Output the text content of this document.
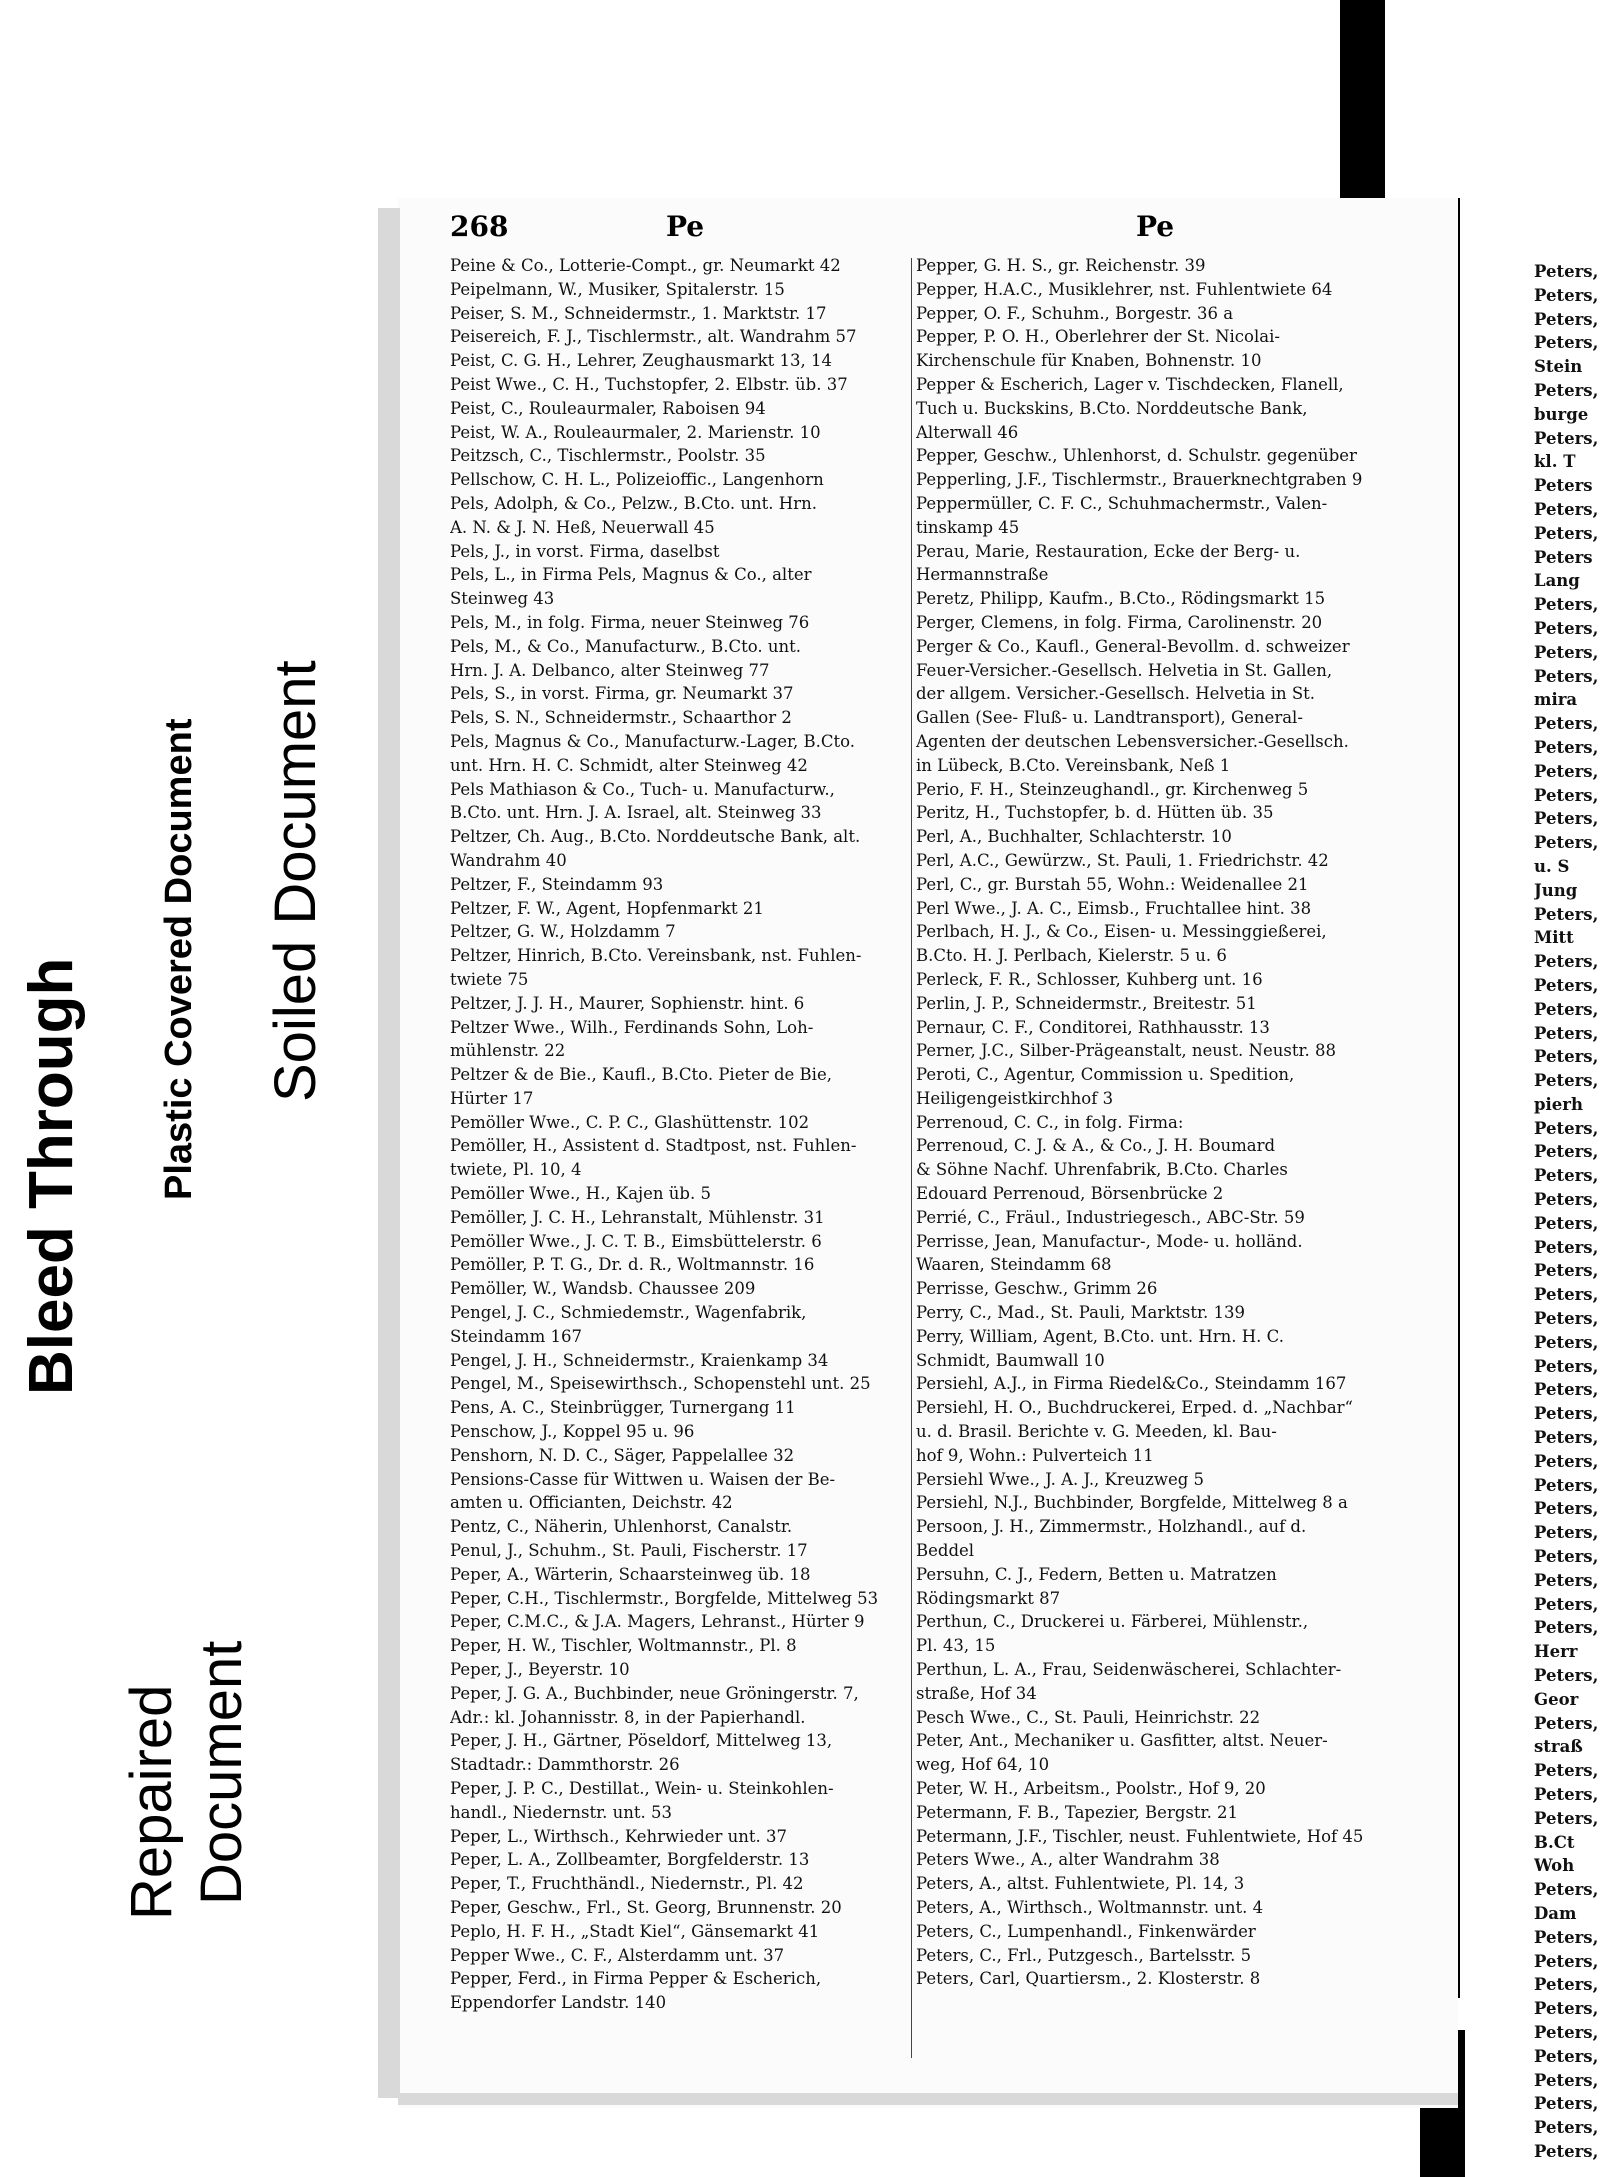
Bleed Through Plastic Covered Document Soiled Document
Repaired Document
268	Pe	Pe
Peine & Co., Lotterie-Compt., gr. Neumarkt 42
Peipelmann, W., Musiker, Spitalerstr. 15
Peiser, S. M., Schneidermstr., 1. Marktstr. 17
Peisereich, F. J., Tischlermstr., alt. Wandrahm 57
Peist, C. G. H., Lehrer, Zeughausmarkt 13, 14
Peist Wwe., C. H., Tuchstopfer, 2. Elbstr. üb. 37
Peist, C., Rouleaurmaler, Raboisen 94
Peist, W. A., Rouleaurmaler, 2. Marienstr. 10
Peitzsch, C., Tischlermstr., Poolstr. 35
Pellschow, C. H. L., Polizeioffic., Langenhorn
Pels, Adolph, & Co., Pelzw., B.Cto. unt. Hrn.
A. N. & J. N. Heß, Neuerwall 45
Pels, J., in vorst. Firma, daselbst
Pels, L., in Firma Pels, Magnus & Co., alter
Steinweg 43
Pels, M., in folg. Firma, neuer Steinweg 76
Pels, M., & Co., Manufacturw., B.Cto. unt.
Hrn. J. A. Delbanco, alter Steinweg 77
Pels, S., in vorst. Firma, gr. Neumarkt 37
Pels, S. N., Schneidermstr., Schaarthor 2
Pels, Magnus & Co., Manufacturw.-Lager, B.Cto.
unt. Hrn. H. C. Schmidt, alter Steinweg 42
Pels Mathiason & Co., Tuch- u. Manufacturw.,
B.Cto. unt. Hrn. J. A. Israel, alt. Steinweg 33
Peltzer, Ch. Aug., B.Cto. Norddeutsche Bank, alt.
Wandrahm 40
Peltzer, F., Steindamm 93
Peltzer, F. W., Agent, Hopfenmarkt 21
Peltzer, G. W., Holzdamm 7
Peltzer, Hinrich, B.Cto. Vereinsbank, nst. Fuhlen-
twiete 75
Peltzer, J. J. H., Maurer, Sophienstr. hint. 6
Peltzer Wwe., Wilh., Ferdinands Sohn, Loh-
mühlenstr. 22
Peltzer & de Bie., Kaufl., B.Cto. Pieter de Bie,
Hürter 17
Pemöller Wwe., C. P. C., Glashüttenstr. 102
Pemöller, H., Assistent d. Stadtpost, nst. Fuhlen-
twiete, Pl. 10, 4
Pemöller Wwe., H., Kajen üb. 5
Pemöller, J. C. H., Lehranstalt, Mühlenstr. 31
Pemöller Wwe., J. C. T. B., Eimsbüttelerstr. 6
Pemöller, P. T. G., Dr. d. R., Woltmannstr. 16
Pemöller, W., Wandsb. Chaussee 209
Pengel, J. C., Schmiedemstr., Wagenfabrik,
Steindamm 167
Pengel, J. H., Schneidermstr., Kraienkamp 34
Pengel, M., Speisewirthsch., Schopenstehl unt. 25
Pens, A. C., Steinbrügger, Turnergang 11
Penschow, J., Koppel 95 u. 96
Penshorn, N. D. C., Säger, Pappelallee 32
Pensions-Casse für Wittwen u. Waisen der Be-
amten u. Officianten, Deichstr. 42
Pentz, C., Näherin, Uhlenhorst, Canalstr.
Penul, J., Schuhm., St. Pauli, Fischerstr. 17
Peper, A., Wärterin, Schaarsteinweg üb. 18
Peper, C.H., Tischlermstr., Borgfelde, Mittelweg 53
Peper, C.M.C., & J.A. Magers, Lehranst., Hürter 9
Peper, H. W., Tischler, Woltmannstr., Pl. 8
Peper, J., Beyerstr. 10
Peper, J. G. A., Buchbinder, neue Gröningerstr. 7,
Adr.: kl. Johannisstr. 8, in der Papierhandl.
Peper, J. H., Gärtner, Pöseldorf, Mittelweg 13,
Stadtadr.: Dammthorstr. 26
Peper, J. P. C., Destillat., Wein- u. Steinkohlen-
handl., Niedernstr. unt. 53
Peper, L., Wirthsch., Kehrwieder unt. 37
Peper, L. A., Zollbeamter, Borgfelderstr. 13
Peper, T., Fruchthändl., Niedernstr., Pl. 42
Peper, Geschw., Frl., St. Georg, Brunnenstr. 20
Peplo, H. F. H., „Stadt Kiel“, Gänsemarkt 41
Pepper Wwe., C. F., Alsterdamm unt. 37
Pepper, Ferd., in Firma Pepper & Escherich,
Eppendorfer Landstr. 140
Pepper, G. H. S., gr. Reichenstr. 39
Pepper, H.A.C., Musiklehrer, nst. Fuhlentwiete 64
Pepper, O. F., Schuhm., Borgestr. 36 a
Pepper, P. O. H., Oberlehrer der St. Nicolai-
Kirchenschule für Knaben, Bohnenstr. 10
Pepper & Escherich, Lager v. Tischdecken, Flanell,
Tuch u. Buckskins, B.Cto. Norddeutsche Bank,
Alterwall 46
Pepper, Geschw., Uhlenhorst, d. Schulstr. gegenüber
Pepperling, J.F., Tischlermstr., Brauerknechtgraben 9
Peppermüller, C. F. C., Schuhmachermstr., Valen-
tinskamp 45
Perau, Marie, Restauration, Ecke der Berg- u.
Hermannstraße
Peretz, Philipp, Kaufm., B.Cto., Rödingsmarkt 15
Perger, Clemens, in folg. Firma, Carolinenstr. 20
Perger & Co., Kaufl., General-Bevollm. d. schweizer
Feuer-Versicher.-Gesellsch. Helvetia in St. Gallen,
der allgem. Versicher.-Gesellsch. Helvetia in St.
Gallen (See- Fluß- u. Landtransport), General-
Agenten der deutschen Lebensversicher.-Gesellsch.
in Lübeck, B.Cto. Vereinsbank, Neß 1
Perio, F. H., Steinzeughandl., gr. Kirchenweg 5
Peritz, H., Tuchstopfer, b. d. Hütten üb. 35
Perl, A., Buchhalter, Schlachterstr. 10
Perl, A.C., Gewürzw., St. Pauli, 1. Friedrichstr. 42
Perl, C., gr. Burstah 55, Wohn.: Weidenallee 21
Perl Wwe., J. A. C., Eimsb., Fruchtallee hint. 38
Perlbach, H. J., & Co., Eisen- u. Messinggießerei,
B.Cto. H. J. Perlbach, Kielerstr. 5 u. 6
Perleck, F. R., Schlosser, Kuhberg unt. 16
Perlin, J. P., Schneidermstr., Breitestr. 51
Pernaur, C. F., Conditorei, Rathhausstr. 13
Perner, J.C., Silber-Prägeanstalt, neust. Neustr. 88
Peroti, C., Agentur, Commission u. Spedition,
Heiligengeistkirchhof 3
Perrenoud, C. C., in folg. Firma:
Perrenoud, C. J. & A., & Co., J. H. Boumard
& Söhne Nachf. Uhrenfabrik, B.Cto. Charles
Edouard Perrenoud, Börsenbrücke 2
Perrié, C., Fräul., Industriegesch., ABC-Str. 59
Perrisse, Jean, Manufactur-, Mode- u. holländ.
Waaren, Steindamm 68
Perrisse, Geschw., Grimm 26
Perry, C., Mad., St. Pauli, Marktstr. 139
Perry, William, Agent, B.Cto. unt. Hrn. H. C.
Schmidt, Baumwall 10
Persiehl, A.J., in Firma Riedel&Co., Steindamm 167
Persiehl, H. O., Buchdruckerei, Erped. d. „Nachbar“
u. d. Brasil. Berichte v. G. Meeden, kl. Bau-
hof 9, Wohn.: Pulverteich 11
Persiehl Wwe., J. A. J., Kreuzweg 5
Persiehl, N.J., Buchbinder, Borgfelde, Mittelweg 8 a
Persoon, J. H., Zimmermstr., Holzhandl., auf d.
Beddel
Persuhn, C. J., Federn, Betten u. Matratzen
Rödingsmarkt 87
Perthun, C., Druckerei u. Färberei, Mühlenstr.,
Pl. 43, 15
Perthun, L. A., Frau, Seidenwäscherei, Schlachter-
straße, Hof 34
Pesch Wwe., C., St. Pauli, Heinrichstr. 22
Peter, Ant., Mechaniker u. Gasfitter, altst. Neuer-
weg, Hof 64, 10
Peter, W. H., Arbeitsm., Poolstr., Hof 9, 20
Petermann, F. B., Tapezier, Bergstr. 21
Petermann, J.F., Tischler, neust. Fuhlentwiete, Hof 45
Peters Wwe., A., alter Wandrahm 38
Peters, A., altst. Fuhlentwiete, Pl. 14, 3
Peters, A., Wirthsch., Woltmannstr. unt. 4
Peters, C., Lumpenhandl., Finkenwärder
Peters, C., Frl., Putzgesch., Bartelsstr. 5
Peters, Carl, Quartiersm., 2. Klosterstr. 8
Peters,
Peters,
Peters,
Peters,
Stein
Peters,
burge
Peters,
kl. T
Peters
Peters,
Peters,
Peters
Lang
Peters,
Peters,
Peters,
Peters,
mira
Peters,
Peters,
Peters,
Peters,
Peters,
Peters,
u. S
Jung
Peters,
Mitt
Peters,
Peters,
Peters,
Peters,
Peters,
Peters,
pierh
Peters,
Peters,
Peters,
Peters,
Peters,
Peters,
Peters,
Peters,
Peters,
Peters,
Peters,
Peters,
Peters,
Peters,
Peters,
Peters,
Peters,
Peters,
Peters,
Peters,
Peters,
Peters,
Herr
Peters,
Geor
Peters,
straß
Peters,
Peters,
Peters,
B.Ct
Woh
Peters,
Dam
Peters,
Peters,
Peters,
Peters,
Peters,
Peters,
Peters,
Peters,
Peters,
Peters,
